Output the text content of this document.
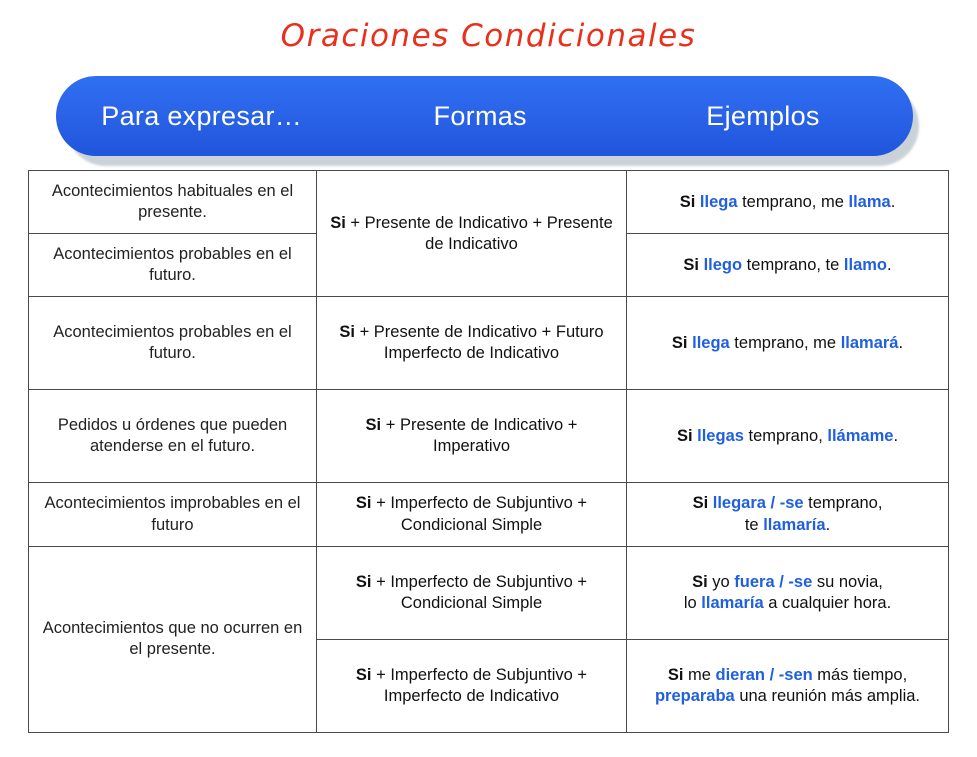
Oraciones Condicionales
Para expresar…	Formas	Ejemplos
Acontecimientos habituales en el presente.	Si + Presente de Indicativo + Presente de Indicativo	Si llega temprano, me llama.
Acontecimientos probables en el futuro.		Si llego temprano, te llamo.
Acontecimientos probables en el futuro.	Si + Presente de Indicativo + Futuro Imperfecto de Indicativo	Si llega temprano, me llamará.
Pedidos u órdenes que pueden atenderse en el futuro.	Si + Presente de Indicativo + Imperativo	Si llegas temprano, llámame.
Acontecimientos improbables en el futuro	Si + Imperfecto de Subjuntivo + Condicional Simple	Si llegara / -se temprano,
te llamaría.
Acontecimientos que no ocurren en el presente.	Si + Imperfecto de Subjuntivo + Condicional Simple	Si yo fuera / -se su novia,
lo llamaría a cualquier hora.
	Si + Imperfecto de Subjuntivo + Imperfecto de Indicativo	Si me dieran / -sen más tiempo,
preparaba una reunión más amplia.
